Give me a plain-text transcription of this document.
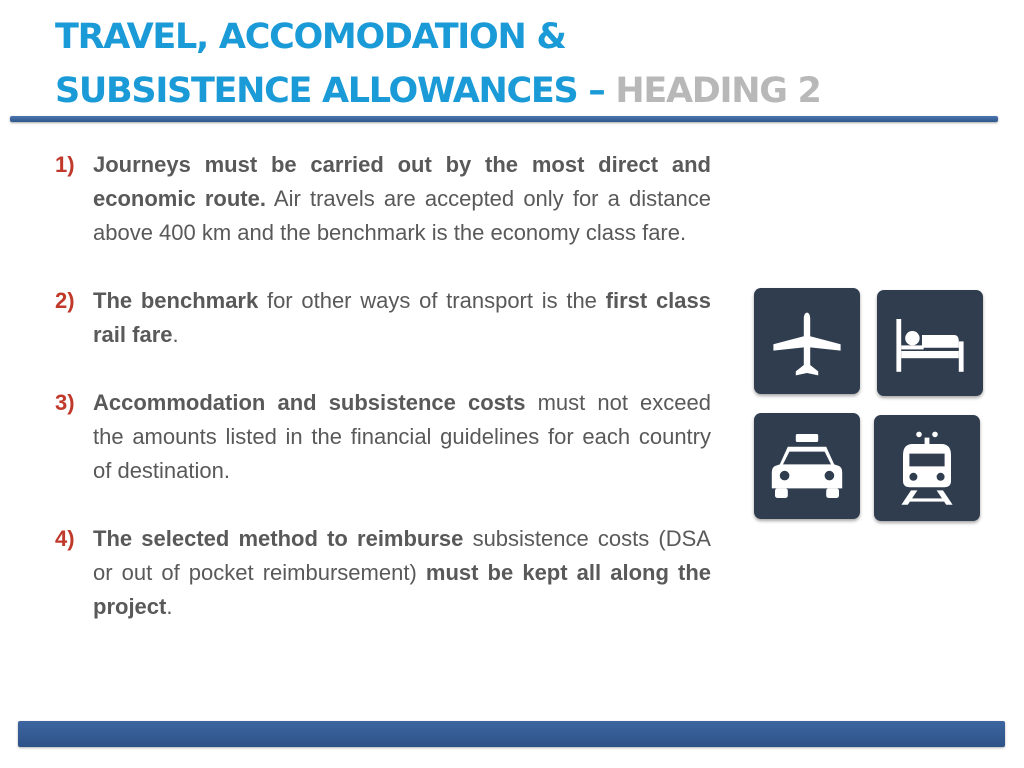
TRAVEL, ACCOMODATION &
SUBSISTENCE ALLOWANCES – HEADING 2
1) Journeys must be carried out by the most direct and economic route. Air travels are accepted only for a distance above 400 km and the benchmark is the economy class fare.
2) The benchmark for other ways of transport is the first class rail fare.
3) Accommodation and subsistence costs must not exceed the amounts listed in the financial guidelines for each country of destination.
4) The selected method to reimburse subsistence costs (DSA or out of pocket reimbursement) must be kept all along the project.
